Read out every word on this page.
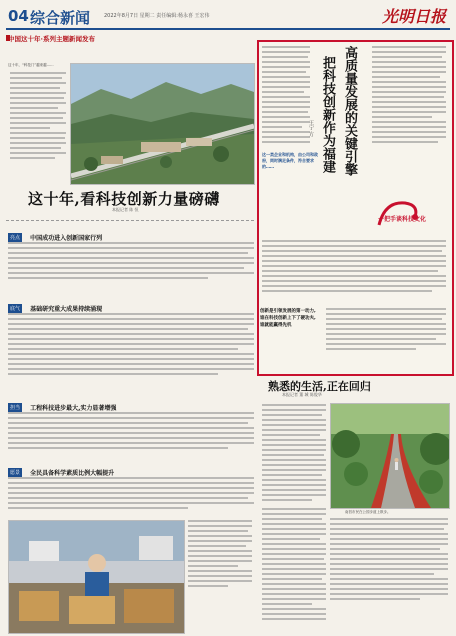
04 综合新闻	2022年8月7日 星期二 责任编辑:杨永喜 王宏伟	光明日报
中国这十年·系列主题新闻发布
这十年，“科技门”越来越……
这十年,看科技创新力量磅礴
本报记者 陈 恒
亮点 中国成功进入创新国家行列
底气 基础研究重大成果持续涌现
担当 工程科技进步最大,实力显著增强
愿景 全民具备科学素质比例大幅提升
高质量发展的关键引擎
把科技创新作为福建
王宁 方
这一类企业和机构，由公司和政府，同时满足条件，符合要求的……
一把手谈科技文化
创新是引领发展的第一动力,谁在科技创新上下了硬功夫,谁就能赢得先机
熟悉的生活,正在回归
本报记者 董 城 陈俊华
南昌市民在公园步道上散步。
